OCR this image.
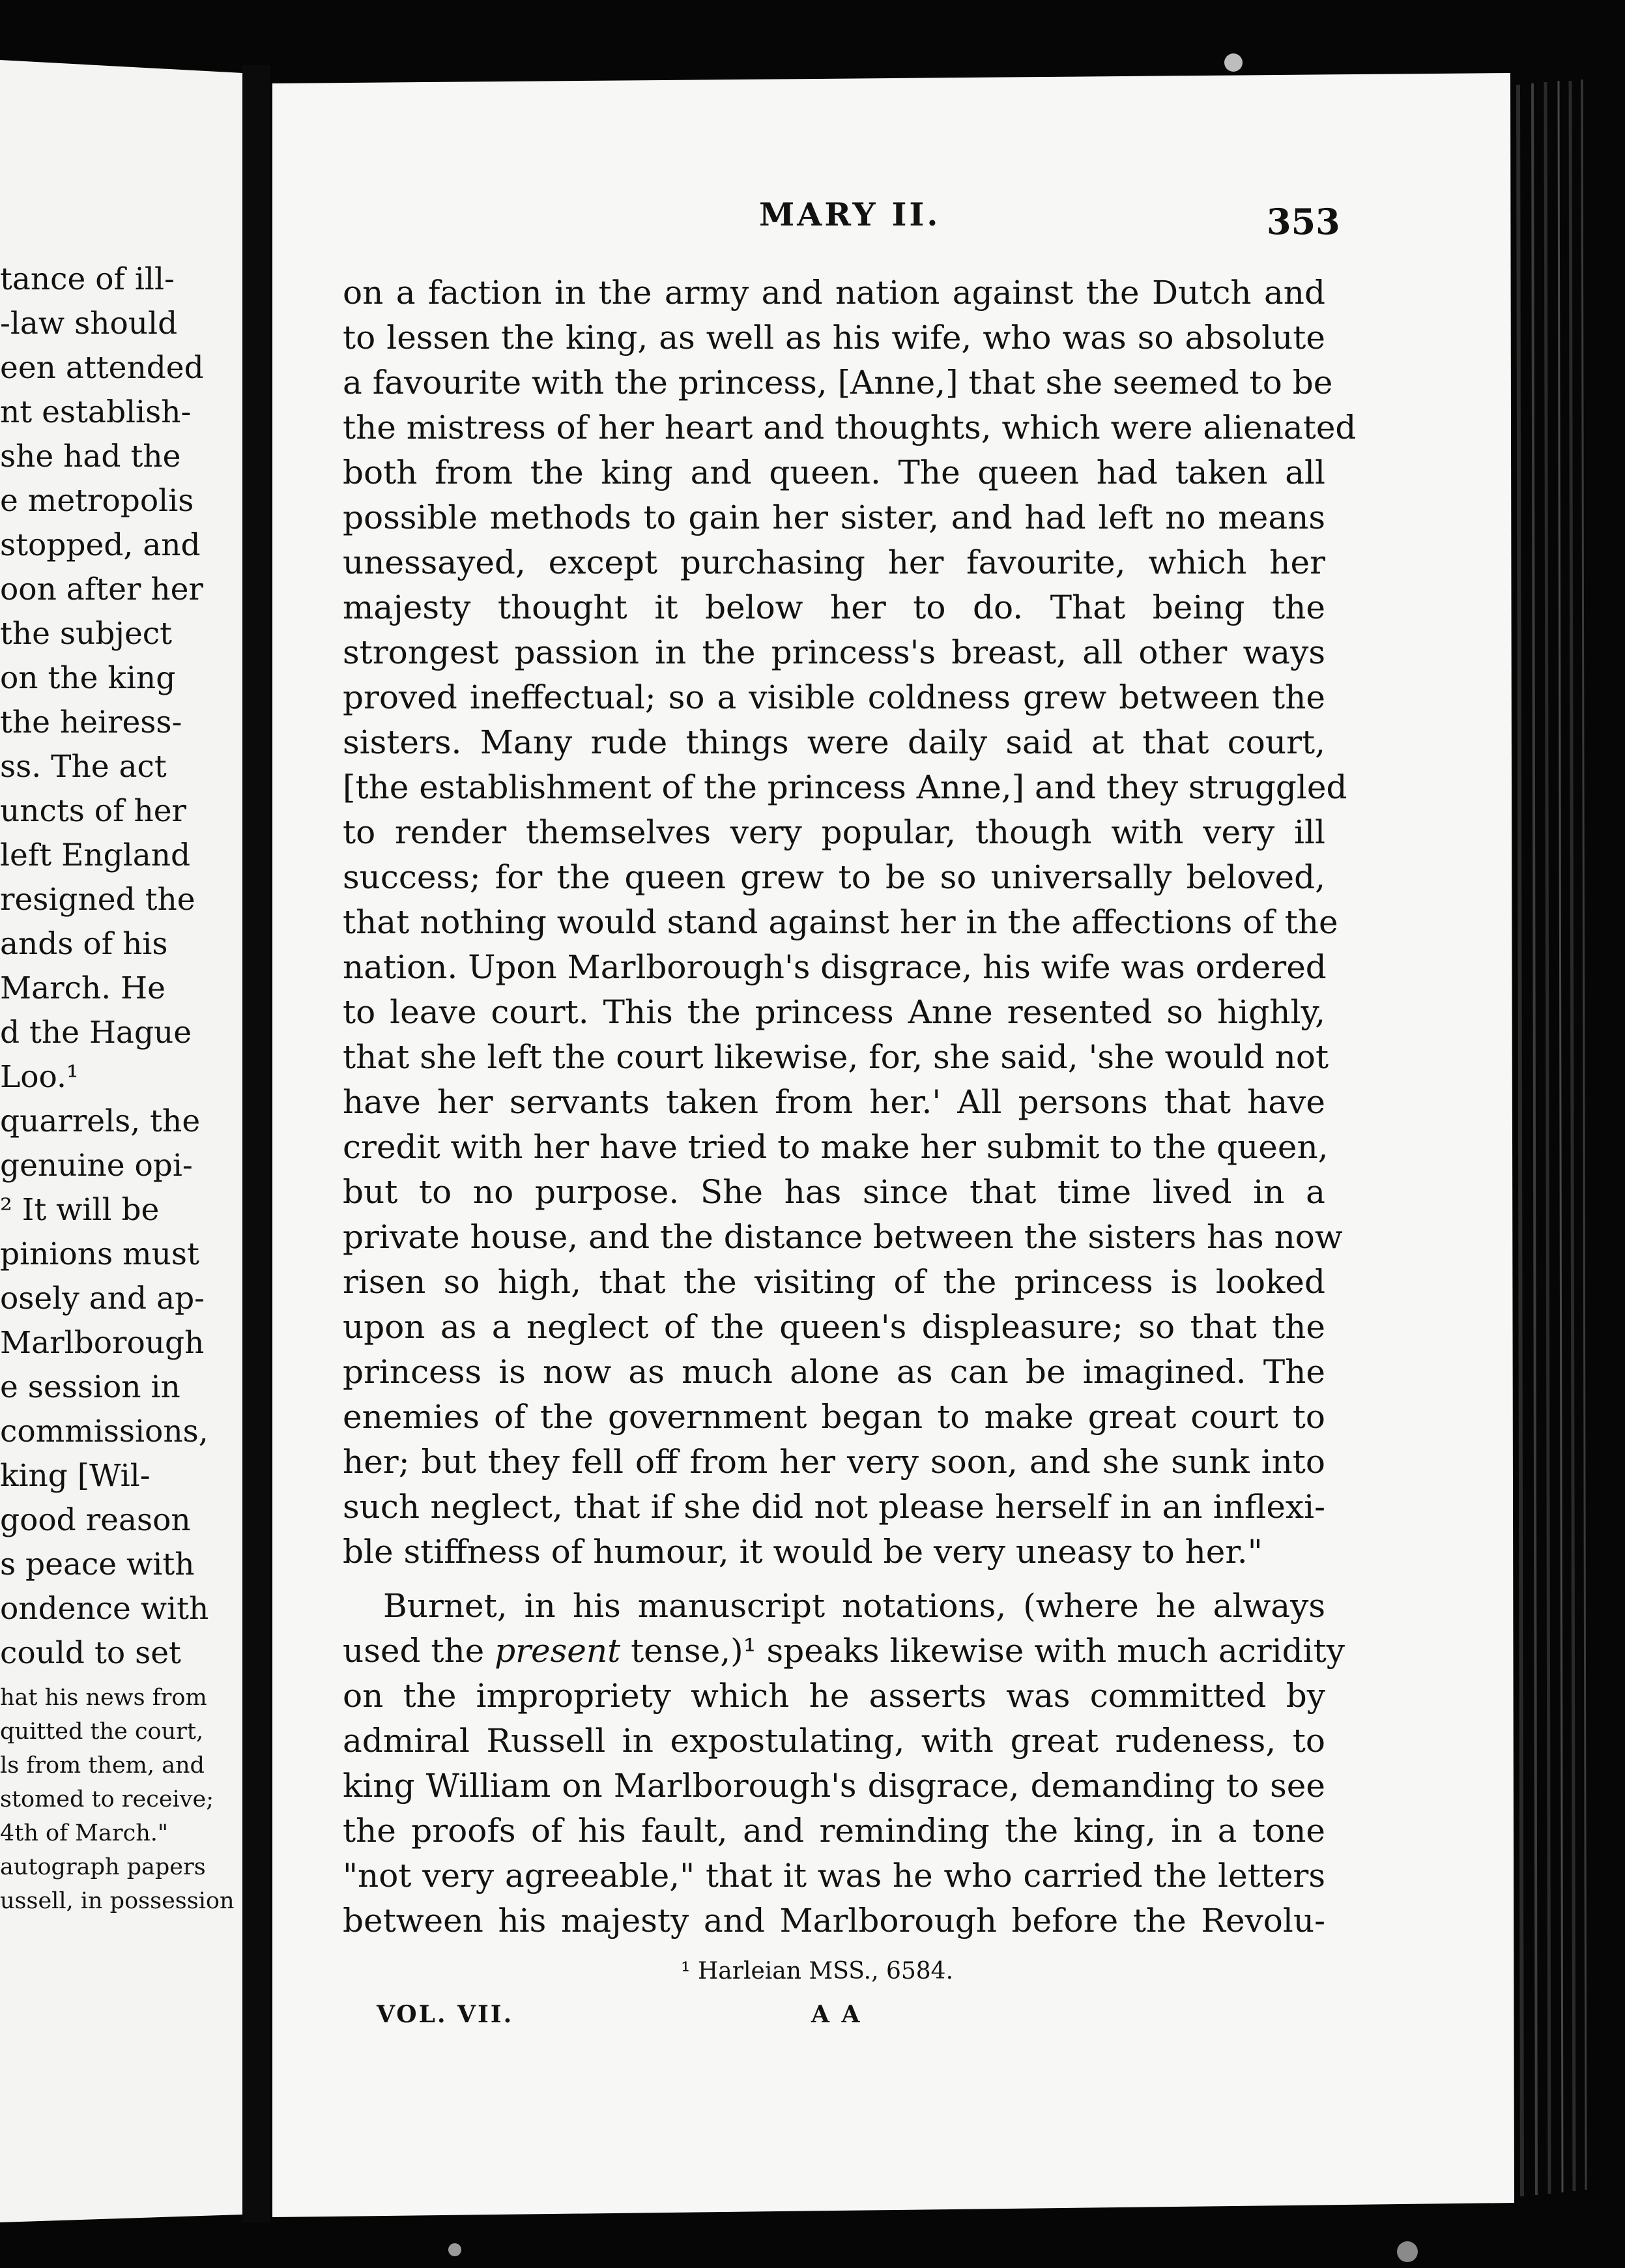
tance of ill-
-law should
een attended
nt establish-
she had the
e metropolis
stopped, and
oon after her
the subject
on the king
the heiress-
ss. The act
uncts of her
left England
resigned the
ands of his
March. He
d the Hague
Loo.¹
quarrels, the
genuine opi-
² It will be
pinions must
osely and ap-
Marlborough
e session in
commissions,
king [Wil-
good reason
s peace with
ondence with
could to set
hat his news from
quitted the court,
ls from them, and
stomed to receive;
4th of March."
autograph papers
ussell, in possession
MARY II.	353
on a faction in the army and nation against the Dutch and
to lessen the king, as well as his wife, who was so absolute
a favourite with the princess, [Anne,] that she seemed to be
the mistress of her heart and thoughts, which were alienated
both from the king and queen. The queen had taken all
possible methods to gain her sister, and had left no means
unessayed, except purchasing her favourite, which her
majesty thought it below her to do. That being the
strongest passion in the princess's breast, all other ways
proved ineffectual; so a visible coldness grew between the
sisters. Many rude things were daily said at that court,
[the establishment of the princess Anne,] and they struggled
to render themselves very popular, though with very ill
success; for the queen grew to be so universally beloved,
that nothing would stand against her in the affections of the
nation. Upon Marlborough's disgrace, his wife was ordered
to leave court. This the princess Anne resented so highly,
that she left the court likewise, for, she said, 'she would not
have her servants taken from her.' All persons that have
credit with her have tried to make her submit to the queen,
but to no purpose. She has since that time lived in a
private house, and the distance between the sisters has now
risen so high, that the visiting of the princess is looked
upon as a neglect of the queen's displeasure; so that the
princess is now as much alone as can be imagined. The
enemies of the government began to make great court to
her; but they fell off from her very soon, and she sunk into
such neglect, that if she did not please herself in an inflexi-
ble stiffness of humour, it would be very uneasy to her."
Burnet, in his manuscript notations, (where he always
used the present tense,)¹ speaks likewise with much acridity
on the impropriety which he asserts was committed by
admiral Russell in expostulating, with great rudeness, to
king William on Marlborough's disgrace, demanding to see
the proofs of his fault, and reminding the king, in a tone
"not very agreeable," that it was he who carried the letters
between his majesty and Marlborough before the Revolu-
¹ Harleian MSS., 6584.
VOL. VII.	A A
